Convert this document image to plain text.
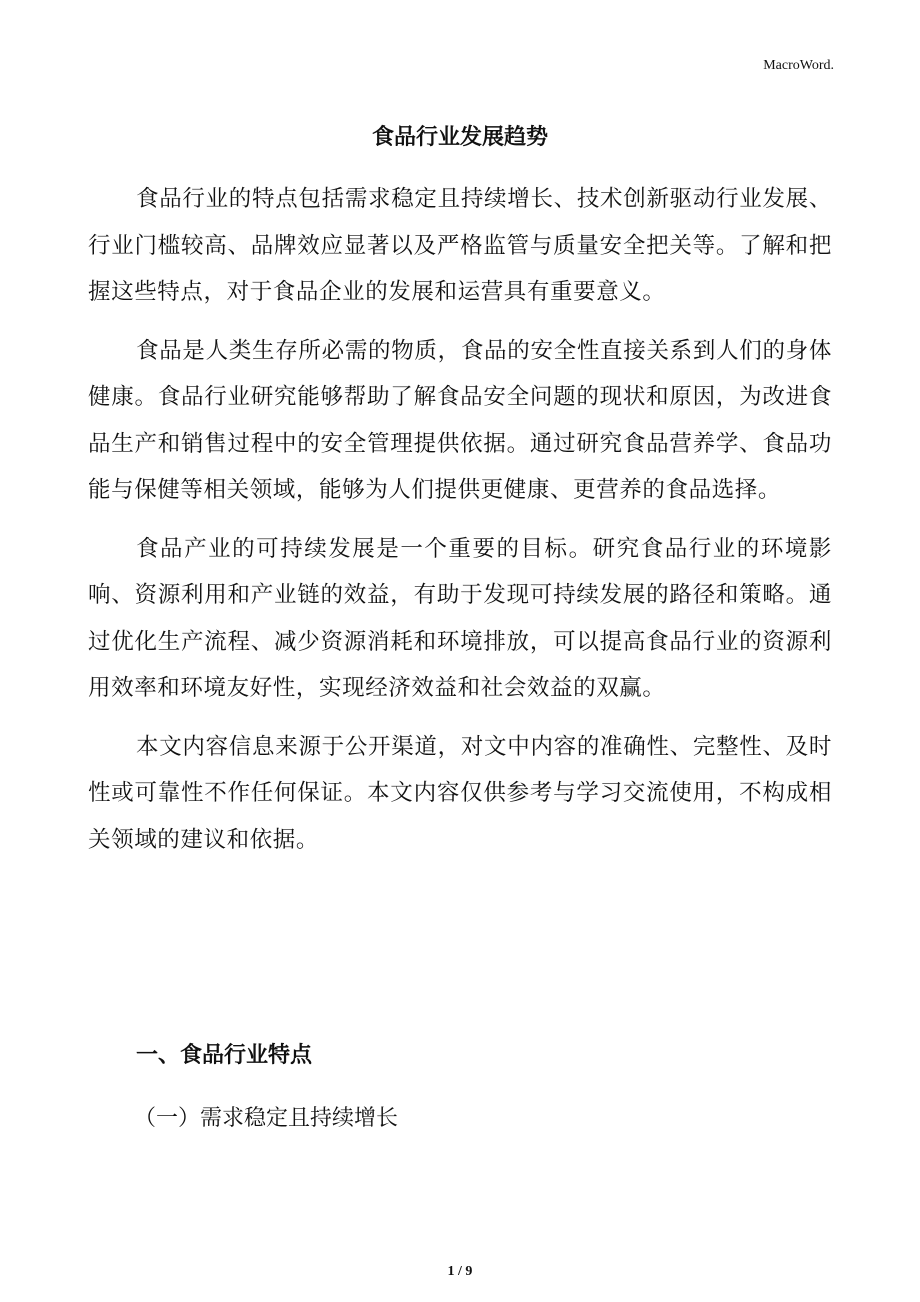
MacroWord.
食品行业发展趋势

食品行业的特点包括需求稳定且持续增长、技术创新驱动行业发展、行业门槛较高、品牌效应显著以及严格监管与质量安全把关等。了解和把握这些特点，对于食品企业的发展和运营具有重要意义。

食品是人类生存所必需的物质，食品的安全性直接关系到人们的身体健康。食品行业研究能够帮助了解食品安全问题的现状和原因，为改进食品生产和销售过程中的安全管理提供依据。通过研究食品营养学、食品功能与保健等相关领域，能够为人们提供更健康、更营养的食品选择。

食品产业的可持续发展是一个重要的目标。研究食品行业的环境影响、资源利用和产业链的效益，有助于发现可持续发展的路径和策略。通过优化生产流程、减少资源消耗和环境排放，可以提高食品行业的资源利用效率和环境友好性，实现经济效益和社会效益的双赢。

本文内容信息来源于公开渠道，对文中内容的准确性、完整性、及时性或可靠性不作任何保证。本文内容仅供参考与学习交流使用，不构成相关领域的建议和依据。

一、食品行业特点
（一）需求稳定且持续增长
1 / 9
